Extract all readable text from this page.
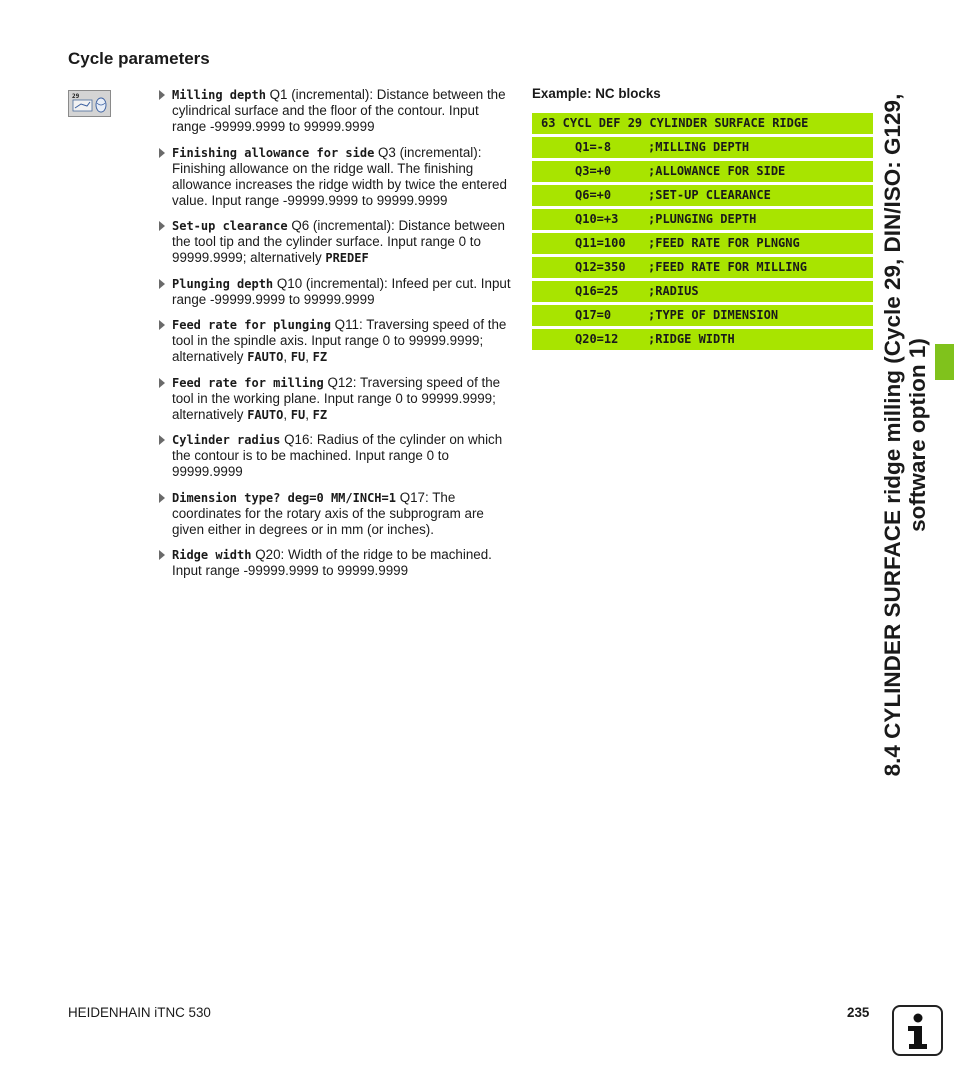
Cycle parameters
29	Milling depth Q1 (incremental): Distance between the cylindrical surface and the floor of the contour. Input range -99999.9999 to 99999.9999
Finishing allowance for side Q3 (incremental): Finishing allowance on the ridge wall. The finishing allowance increases the ridge width by twice the entered value. Input range -99999.9999 to 99999.9999
Set-up clearance Q6 (incremental): Distance between the tool tip and the cylinder surface. Input range 0 to 99999.9999; alternatively PREDEF
Plunging depth Q10 (incremental): Infeed per cut. Input range -99999.9999 to 99999.9999
Feed rate for plunging Q11: Traversing speed of the tool in the spindle axis. Input range 0 to 99999.9999; alternatively FAUTO, FU, FZ
Feed rate for milling Q12: Traversing speed of the tool in the working plane. Input range 0 to 99999.9999; alternatively FAUTO, FU, FZ
Cylinder radius Q16: Radius of the cylinder on which the contour is to be machined. Input range 0 to 99999.9999
Dimension type? deg=0 MM/INCH=1 Q17: The coordinates for the rotary axis of the subprogram are given either in degrees or in mm (or inches).
Ridge width Q20: Width of the ridge to be machined. Input range -99999.9999 to 99999.9999

Example: NC blocks

63 CYCL DEF 29 CYLINDER SURFACE RIDGE
Q1=-8	;MILLING DEPTH
Q3=+0	;ALLOWANCE FOR SIDE
Q6=+0	;SET-UP CLEARANCE
Q10=+3 ;PLUNGING DEPTH
Q11=100 ;FEED RATE FOR PLNGNG
Q12=350 ;FEED RATE FOR MILLING
Q16=25 ;RADIUS
Q17=0	;TYPE OF DIMENSION
Q20=12 ;RIDGE WIDTH	8.4 CYLINDER SURFACE ridge milling (Cycle 29, DIN/ISO: G129, software option 1)
HEIDENHAIN iTNC 530	235
